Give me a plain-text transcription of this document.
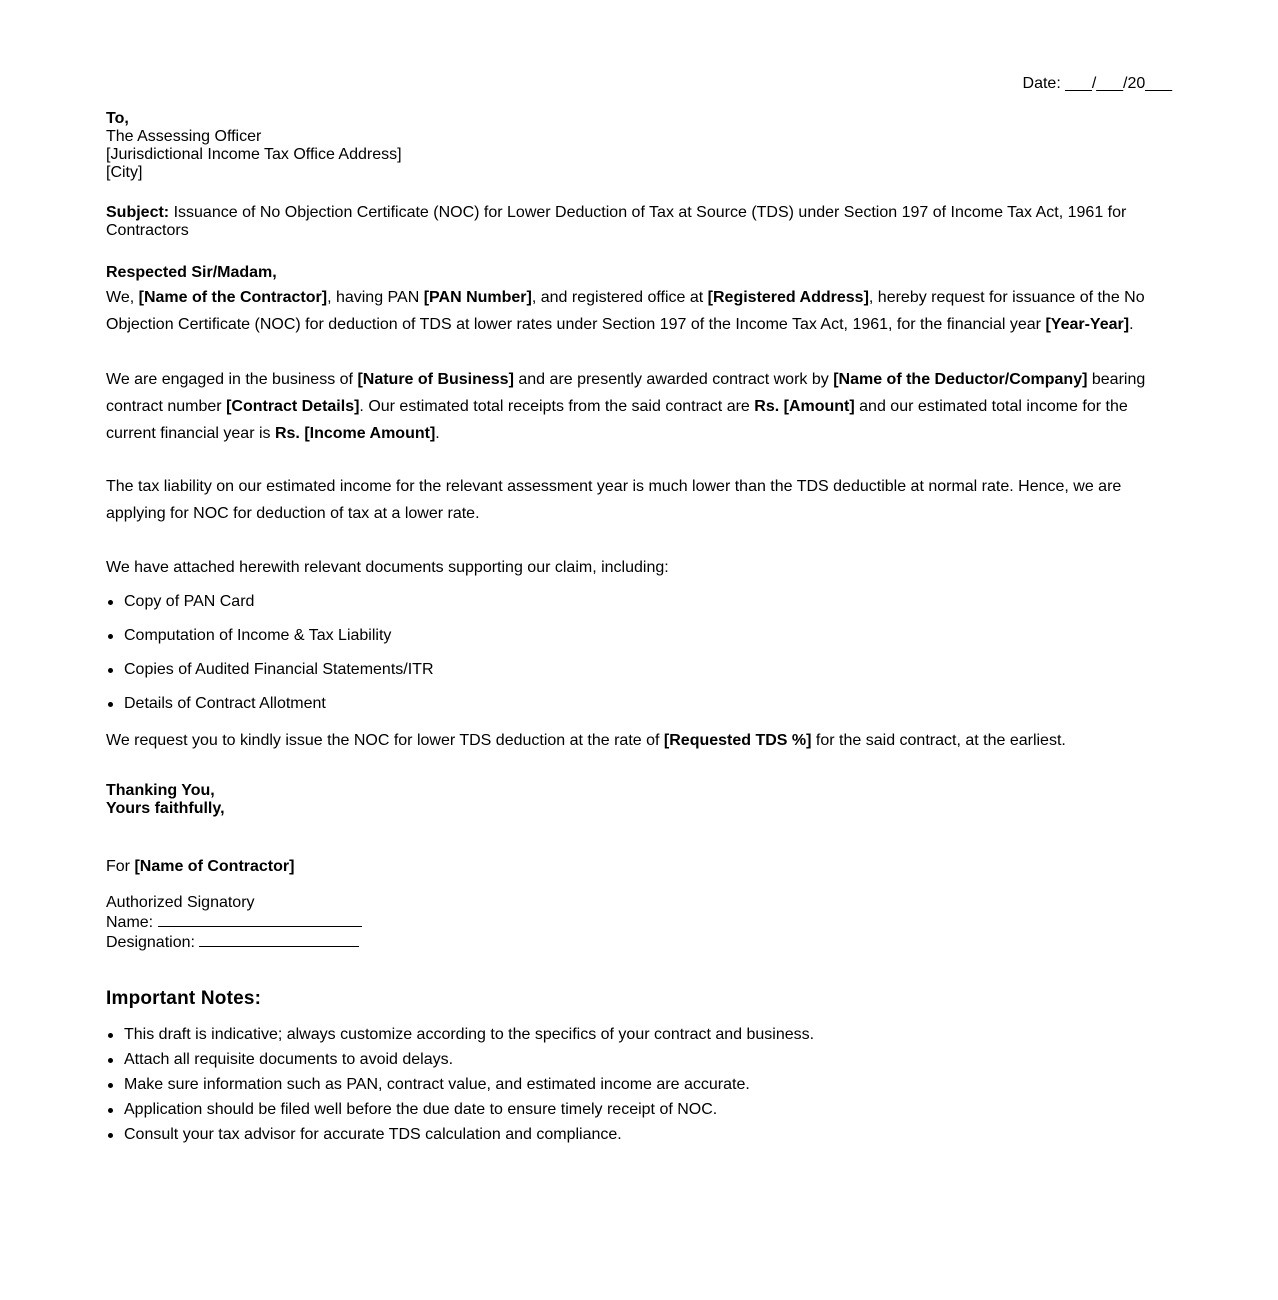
Date: ___/___/20___
To,
The Assessing Officer
[Jurisdictional Income Tax Office Address]
[City]
Subject: Issuance of No Objection Certificate (NOC) for Lower Deduction of Tax at Source (TDS) under Section 197 of Income Tax Act, 1961 for Contractors
Respected Sir/Madam,

We, [Name of the Contractor], having PAN [PAN Number], and registered office at [Registered Address], hereby request for issuance of the No Objection Certificate (NOC) for deduction of TDS at lower rates under Section 197 of the Income Tax Act, 1961, for the financial year [Year-Year].

We are engaged in the business of [Nature of Business] and are presently awarded contract work by [Name of the Deductor/Company] bearing contract number [Contract Details]. Our estimated total receipts from the said contract are Rs. [Amount] and our estimated total income for the current financial year is Rs. [Income Amount].

The tax liability on our estimated income for the relevant assessment year is much lower than the TDS deductible at normal rate. Hence, we are applying for NOC for deduction of tax at a lower rate.

We have attached herewith relevant documents supporting our claim, including:

Copy of PAN Card
Computation of Income & Tax Liability
Copies of Audited Financial Statements/ITR
Details of Contract Allotment

We request you to kindly issue the NOC for lower TDS deduction at the rate of [Requested TDS %] for the said contract, at the earliest.

Thanking You,
Yours faithfully,
For [Name of Contractor]
Authorized Signatory
Name:
Designation:
Important Notes:
This draft is indicative; always customize according to the specifics of your contract and business.
Attach all requisite documents to avoid delays.
Make sure information such as PAN, contract value, and estimated income are accurate.
Application should be filed well before the due date to ensure timely receipt of NOC.
Consult your tax advisor for accurate TDS calculation and compliance.
